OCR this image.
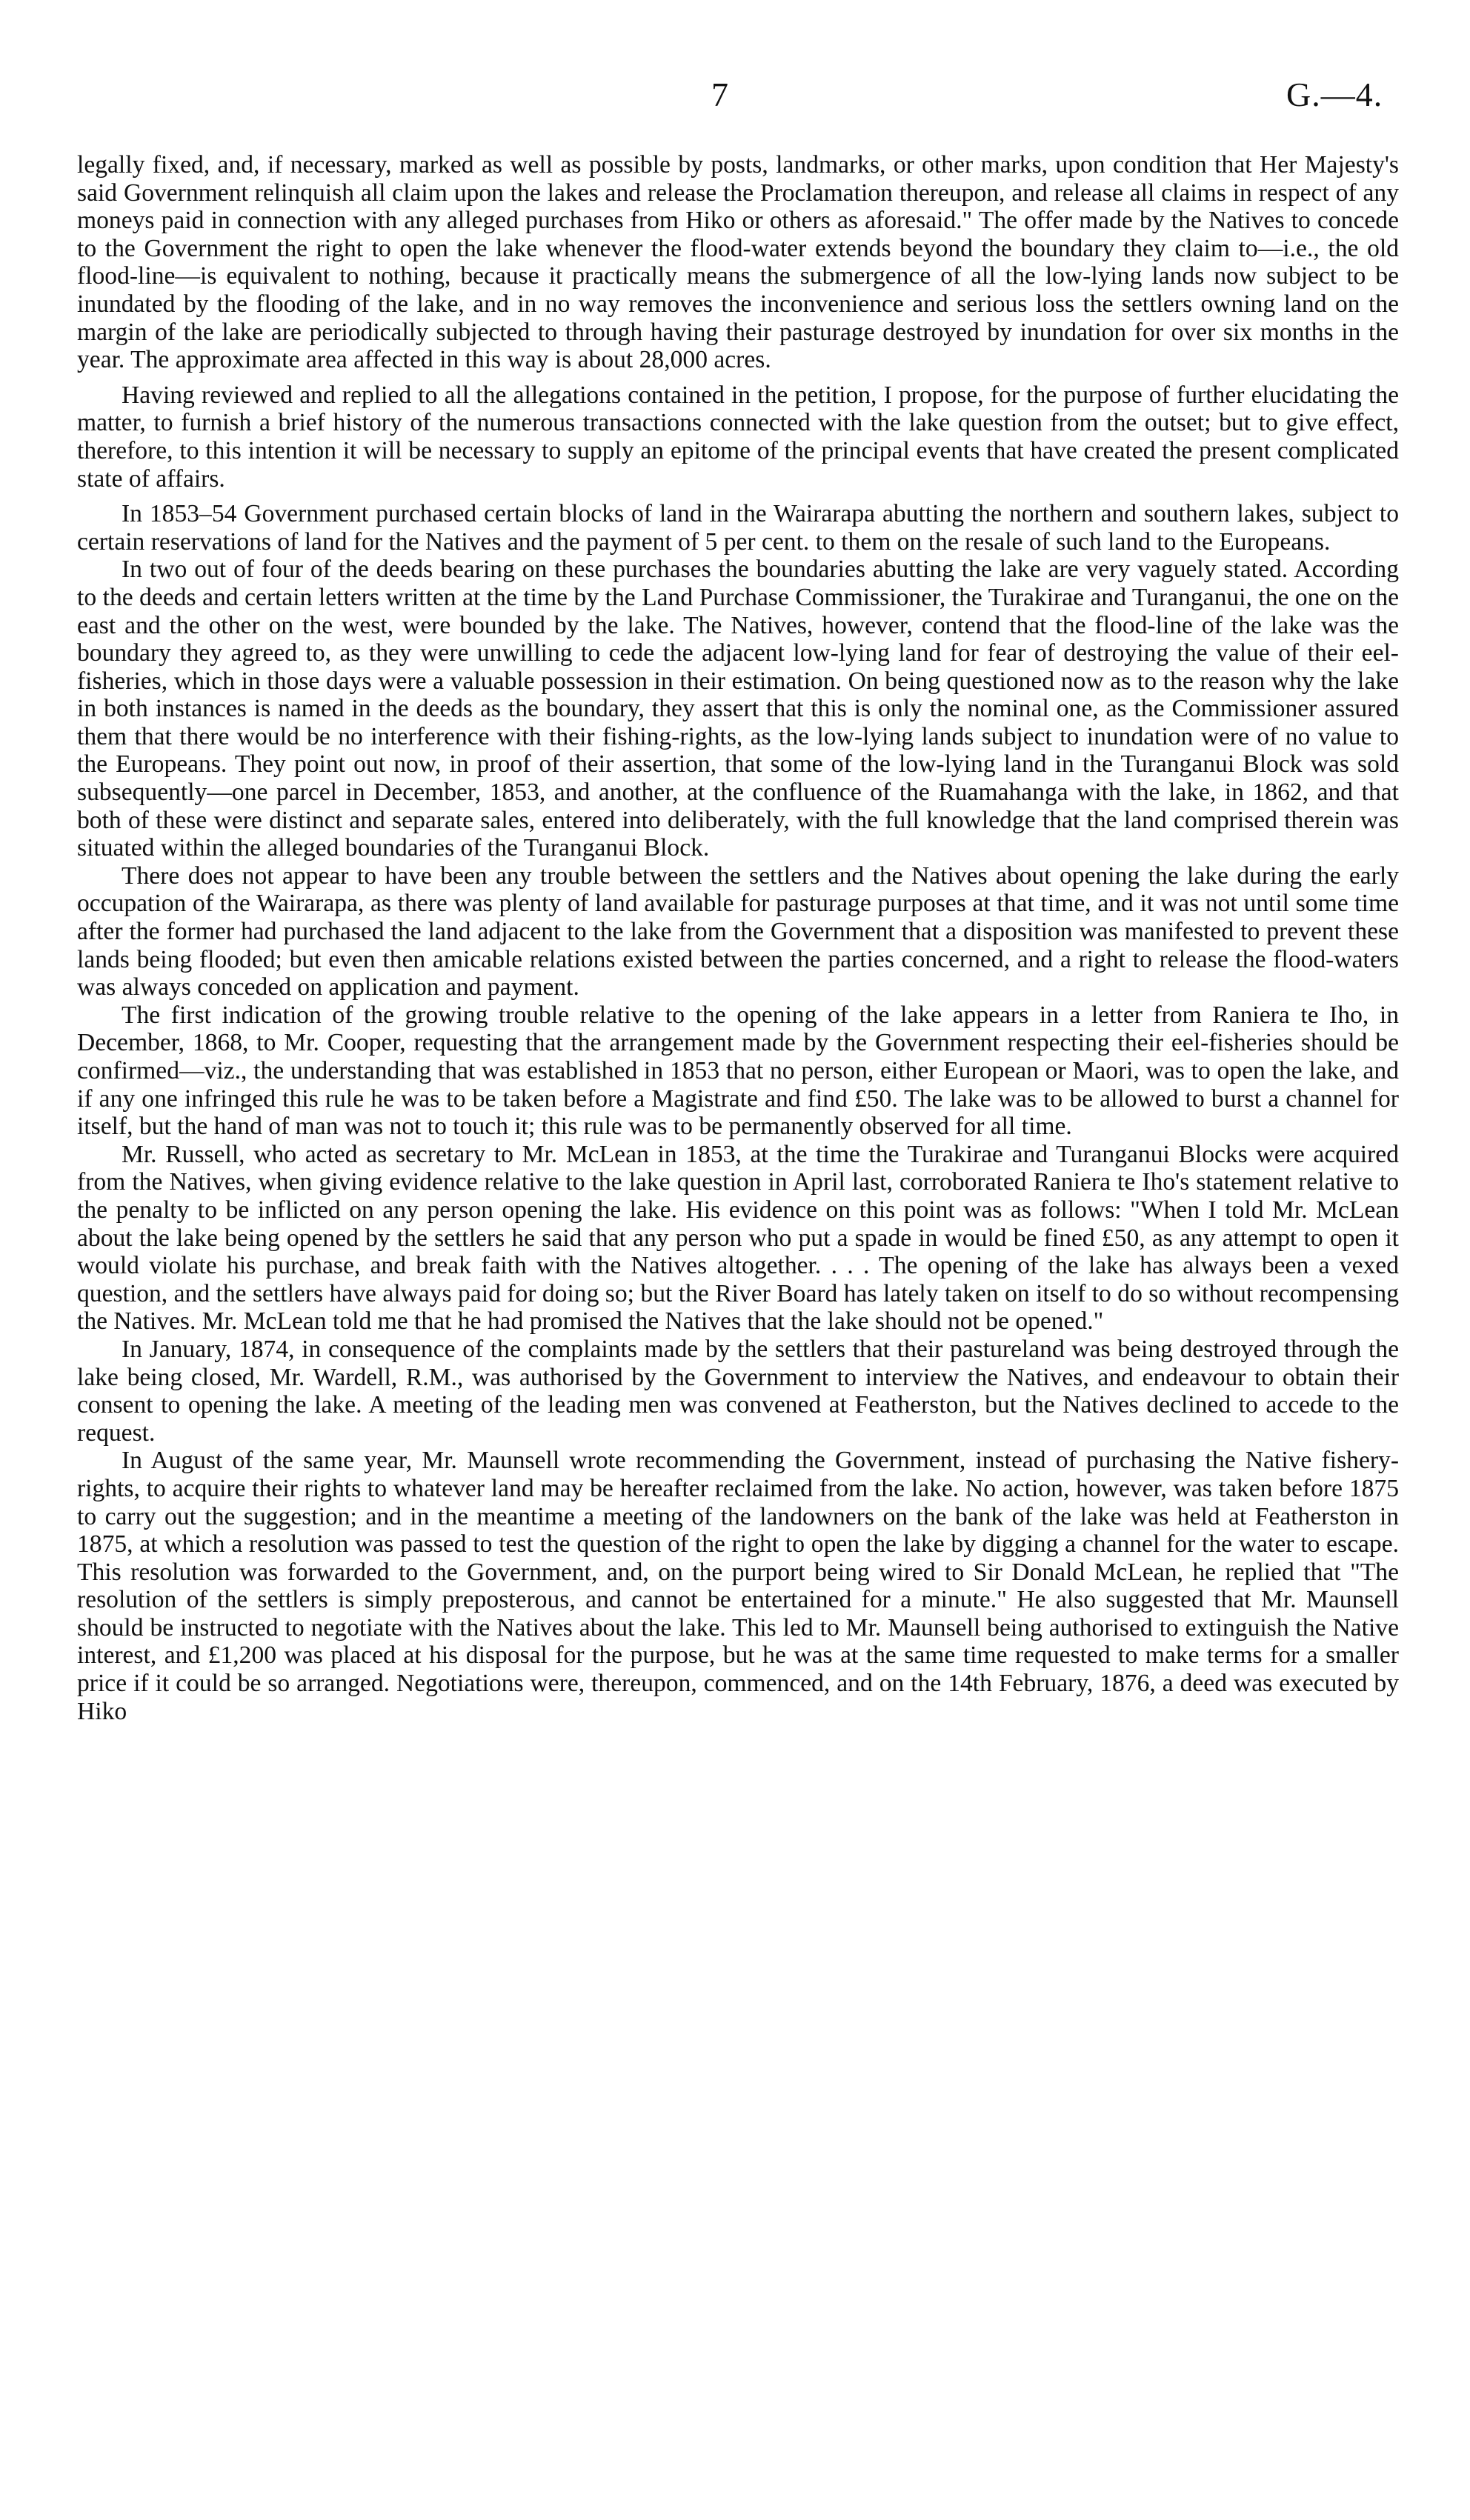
7	G.—4.

legally fixed, and, if necessary, marked as well as possible by posts, landmarks, or other marks, upon condition that Her Majesty's said Government relinquish all claim upon the lakes and release the Proclamation thereupon, and release all claims in respect of any moneys paid in connection with any alleged purchases from Hiko or others as aforesaid." The offer made by the Natives to concede to the Government the right to open the lake whenever the flood-water extends beyond the boundary they claim to—i.e., the old flood-line—is equivalent to nothing, because it practically means the submergence of all the low-lying lands now subject to be inundated by the flooding of the lake, and in no way removes the inconvenience and serious loss the settlers owning land on the margin of the lake are periodically subjected to through having their pasturage destroyed by inundation for over six months in the year. The approximate area affected in this way is about 28,000 acres.

Having reviewed and replied to all the allegations contained in the petition, I propose, for the purpose of further elucidating the matter, to furnish a brief history of the numerous transactions connected with the lake question from the outset; but to give effect, therefore, to this intention it will be necessary to supply an epitome of the principal events that have created the present complicated state of affairs.

In 1853–54 Government purchased certain blocks of land in the Wairarapa abutting the northern and southern lakes, subject to certain reservations of land for the Natives and the payment of 5 per cent. to them on the resale of such land to the Europeans.

In two out of four of the deeds bearing on these purchases the boundaries abutting the lake are very vaguely stated. According to the deeds and certain letters written at the time by the Land Purchase Commissioner, the Turakirae and Turanganui, the one on the east and the other on the west, were bounded by the lake. The Natives, however, contend that the flood-line of the lake was the boundary they agreed to, as they were unwilling to cede the adjacent low-lying land for fear of destroying the value of their eel-fisheries, which in those days were a valuable possession in their estimation. On being questioned now as to the reason why the lake in both instances is named in the deeds as the boundary, they assert that this is only the nominal one, as the Commissioner assured them that there would be no interference with their fishing-rights, as the low-lying lands subject to inundation were of no value to the Europeans. They point out now, in proof of their assertion, that some of the low-lying land in the Turanganui Block was sold subsequently—one parcel in December, 1853, and another, at the confluence of the Ruamahanga with the lake, in 1862, and that both of these were distinct and separate sales, entered into deliberately, with the full knowledge that the land comprised therein was situated within the alleged boundaries of the Turanganui Block.

There does not appear to have been any trouble between the settlers and the Natives about opening the lake during the early occupation of the Wairarapa, as there was plenty of land available for pasturage purposes at that time, and it was not until some time after the former had purchased the land adjacent to the lake from the Government that a disposition was manifested to prevent these lands being flooded; but even then amicable relations existed between the parties concerned, and a right to release the flood-waters was always conceded on application and payment.

The first indication of the growing trouble relative to the opening of the lake appears in a letter from Raniera te Iho, in December, 1868, to Mr. Cooper, requesting that the arrangement made by the Government respecting their eel-fisheries should be confirmed—viz., the understanding that was established in 1853 that no person, either European or Maori, was to open the lake, and if any one infringed this rule he was to be taken before a Magistrate and find £50. The lake was to be allowed to burst a channel for itself, but the hand of man was not to touch it; this rule was to be permanently observed for all time.

Mr. Russell, who acted as secretary to Mr. McLean in 1853, at the time the Turakirae and Turanganui Blocks were acquired from the Natives, when giving evidence relative to the lake question in April last, corroborated Raniera te Iho's statement relative to the penalty to be inflicted on any person opening the lake. His evidence on this point was as follows: "When I told Mr. McLean about the lake being opened by the settlers he said that any person who put a spade in would be fined £50, as any attempt to open it would violate his purchase, and break faith with the Natives altogether. . . . The opening of the lake has always been a vexed question, and the settlers have always paid for doing so; but the River Board has lately taken on itself to do so without recompensing the Natives. Mr. McLean told me that he had promised the Natives that the lake should not be opened."

In January, 1874, in consequence of the complaints made by the settlers that their pastureland was being destroyed through the lake being closed, Mr. Wardell, R.M., was authorised by the Government to interview the Natives, and endeavour to obtain their consent to opening the lake. A meeting of the leading men was convened at Featherston, but the Natives declined to accede to the request.

In August of the same year, Mr. Maunsell wrote recommending the Government, instead of purchasing the Native fishery-rights, to acquire their rights to whatever land may be hereafter reclaimed from the lake. No action, however, was taken before 1875 to carry out the suggestion; and in the meantime a meeting of the landowners on the bank of the lake was held at Featherston in 1875, at which a resolution was passed to test the question of the right to open the lake by digging a channel for the water to escape. This resolution was forwarded to the Government, and, on the purport being wired to Sir Donald McLean, he replied that "The resolution of the settlers is simply preposterous, and cannot be entertained for a minute." He also suggested that Mr. Maunsell should be instructed to negotiate with the Natives about the lake. This led to Mr. Maunsell being authorised to extinguish the Native interest, and £1,200 was placed at his disposal for the purpose, but he was at the same time requested to make terms for a smaller price if it could be so arranged. Negotiations were, thereupon, commenced, and on the 14th February, 1876, a deed was executed by Hiko
